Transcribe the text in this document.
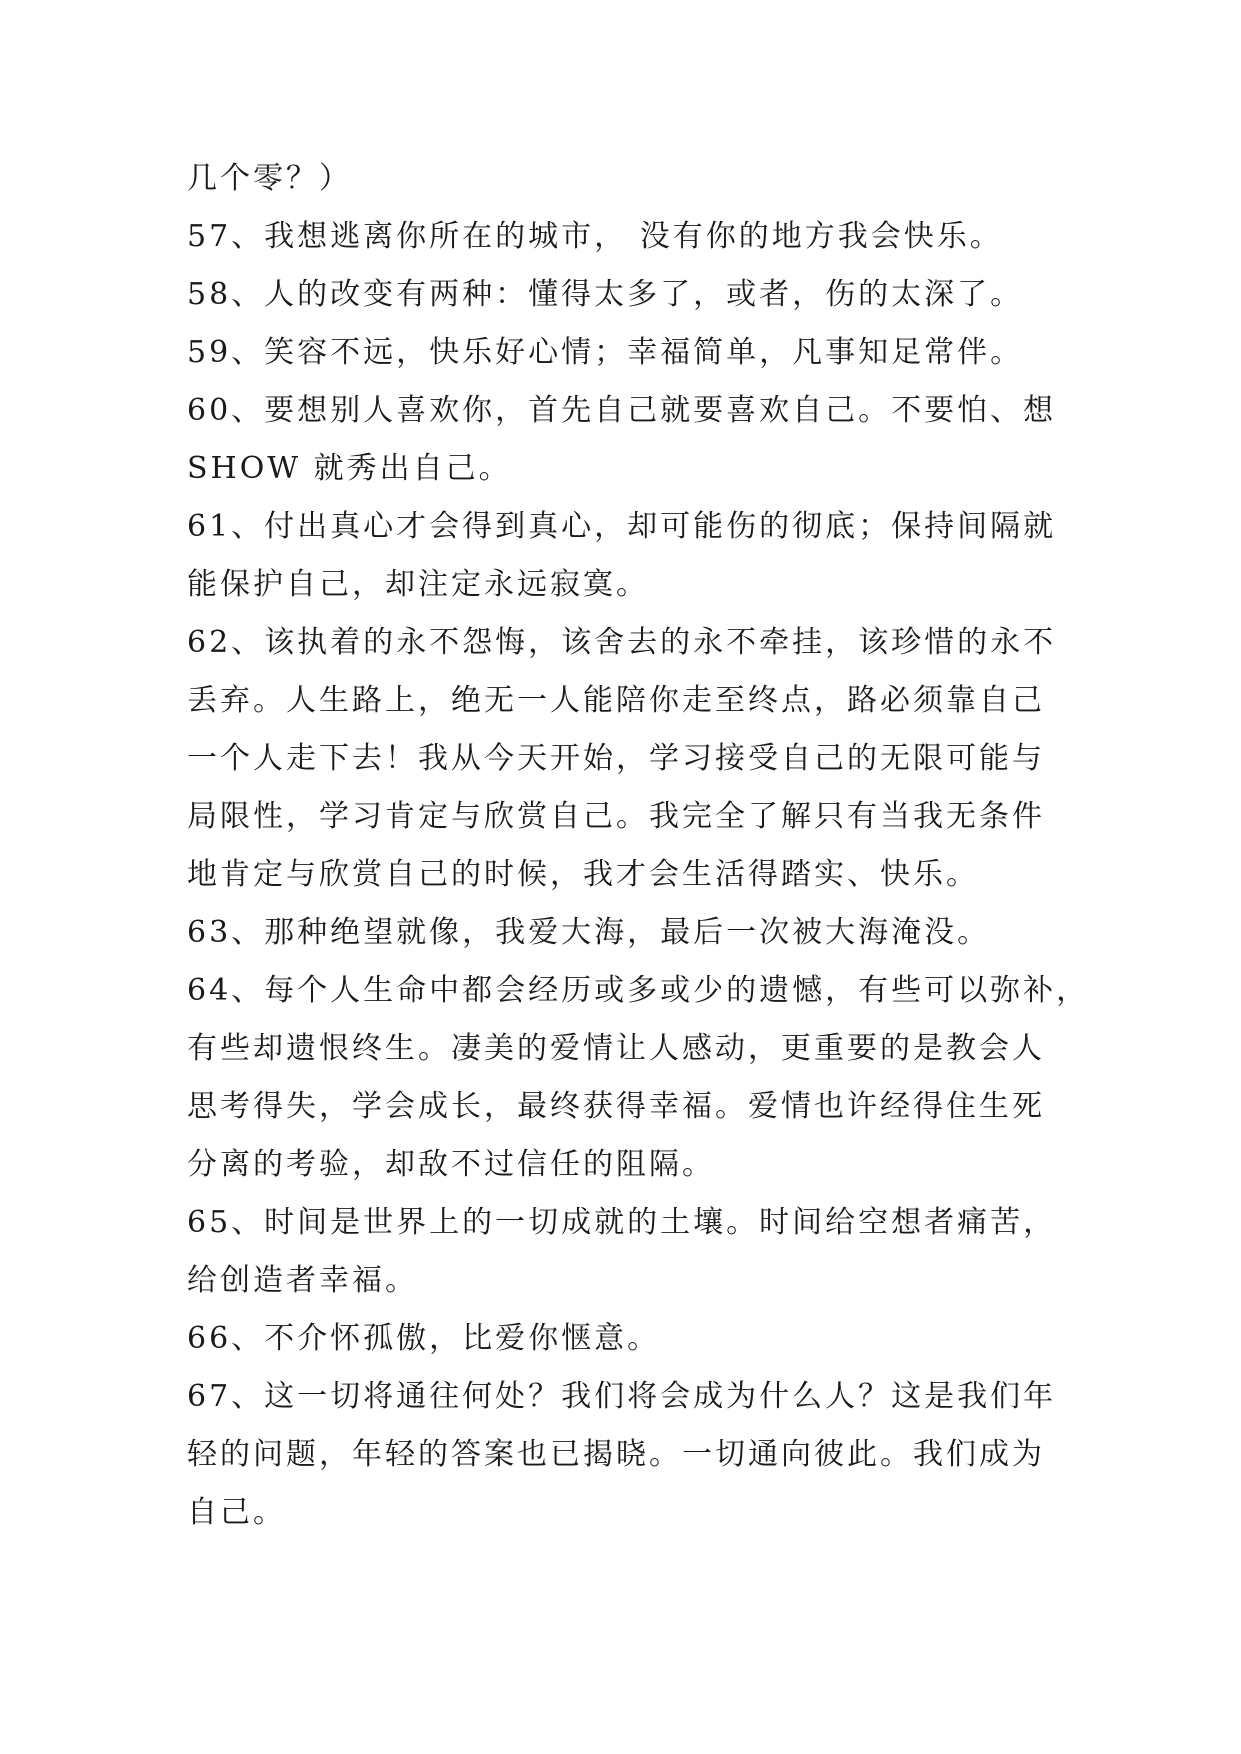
几个零？）
57、我想逃离你所在的城市， 没有你的地方我会快乐。
58、人的改变有两种：懂得太多了，或者，伤的太深了。
59、笑容不远，快乐好心情；幸福简单，凡事知足常伴。
60、要想别人喜欢你，首先自己就要喜欢自己。不要怕、想
SHOW 就秀出自己。
61、付出真心才会得到真心，却可能伤的彻底；保持间隔就
能保护自己，却注定永远寂寞。
62、该执着的永不怨悔，该舍去的永不牵挂，该珍惜的永不
丢弃。人生路上，绝无一人能陪你走至终点，路必须靠自己
一个人走下去！我从今天开始，学习接受自己的无限可能与
局限性，学习肯定与欣赏自己。我完全了解只有当我无条件
地肯定与欣赏自己的时候，我才会生活得踏实、快乐。
63、那种绝望就像，我爱大海，最后一次被大海淹没。
64、每个人生命中都会经历或多或少的遗憾，有些可以弥补，
有些却遗恨终生。凄美的爱情让人感动，更重要的是教会人
思考得失，学会成长，最终获得幸福。爱情也许经得住生死
分离的考验，却敌不过信任的阻隔。
65、时间是世界上的一切成就的土壤。时间给空想者痛苦，
给创造者幸福。
66、不介怀孤傲，比爱你惬意。
67、这一切将通往何处？我们将会成为什么人？这是我们年
轻的问题，年轻的答案也已揭晓。一切通向彼此。我们成为
自己。
